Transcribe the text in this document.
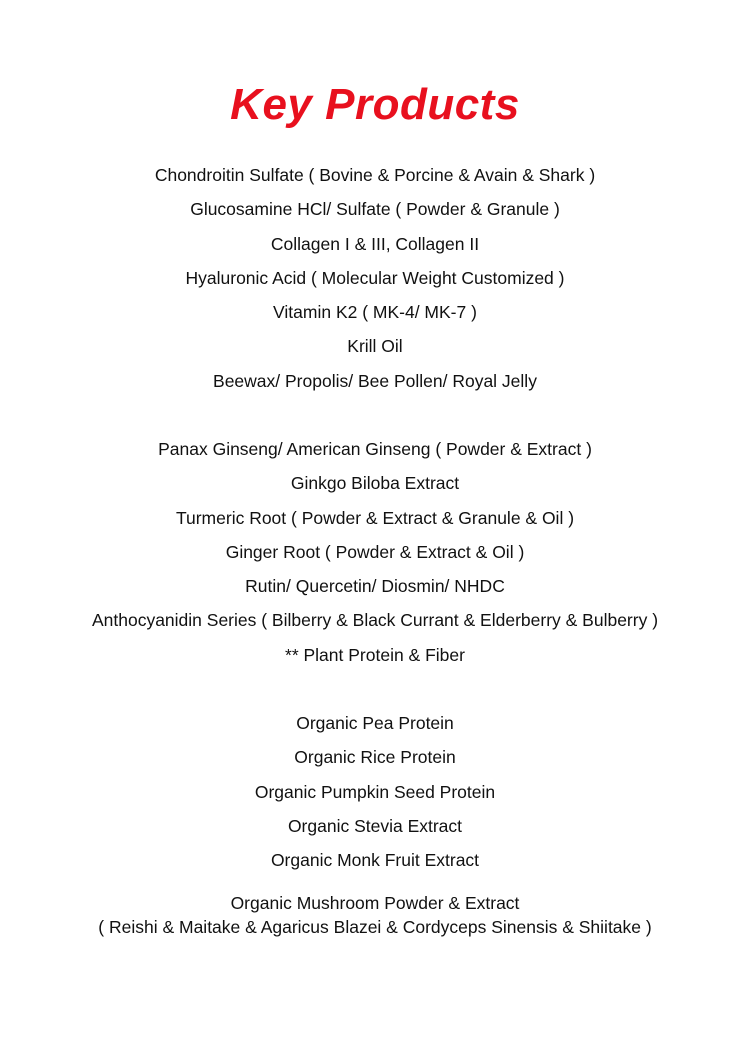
Key Products
Chondroitin Sulfate ( Bovine & Porcine & Avain & Shark )
Glucosamine HCl/ Sulfate ( Powder & Granule )
Collagen I & III, Collagen II
Hyaluronic Acid ( Molecular Weight Customized )
Vitamin K2 ( MK-4/ MK-7 )
Krill Oil
Beewax/ Propolis/ Bee Pollen/ Royal Jelly
Panax Ginseng/ American Ginseng ( Powder & Extract )
Ginkgo Biloba Extract
Turmeric Root ( Powder & Extract & Granule & Oil )
Ginger Root ( Powder & Extract & Oil )
Rutin/ Quercetin/ Diosmin/ NHDC
Anthocyanidin Series ( Bilberry & Black Currant & Elderberry & Bulberry )
** Plant Protein & Fiber
Organic Pea Protein
Organic Rice Protein
Organic Pumpkin Seed Protein
Organic Stevia Extract
Organic Monk Fruit Extract
Organic Mushroom Powder & Extract
( Reishi & Maitake & Agaricus Blazei & Cordyceps Sinensis & Shiitake )
